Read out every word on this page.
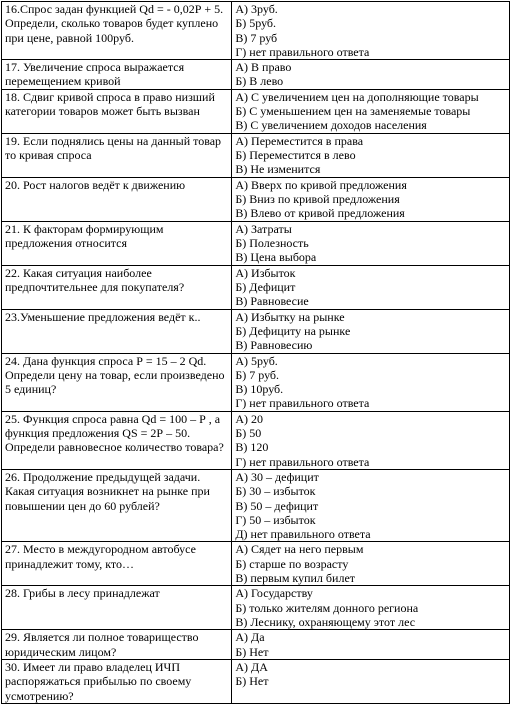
16.Спрос задан функцией Qd = - 0,02Р + 5. Определи, сколько товаров будет куплено при цене, равной 100руб.	А) 3руб.
Б) 5руб.
В) 7 руб
Г) нет правильного ответа

17. Увеличение спроса выражается перемещением кривой	А) В право
Б) В лево

18. Сдвиг кривой спроса в право низший категории товаров может быть вызван	А) С увеличением цен на дополняющие товары
Б) С уменьшением цен на заменяемые товары
В) С увеличением доходов населения

19. Если поднялись цены на данный товар то кривая спроса	А) Переместится в права
Б) Переместится в лево
В) Не изменится

20. Рост налогов ведёт к движению	А) Вверх по кривой предложения
Б) Вниз по кривой предложения
В) Влево от кривой предложения

21. К факторам формирующим предложения относится	А) Затраты
Б) Полезность
В) Цена выбора

22. Какая ситуация наиболее предпочтительнее для покупателя?	А) Избыток
Б) Дефицит
В) Равновесие

23.Уменьшение предложения ведёт к..	А) Избытку на рынке
Б) Дефициту на рынке
В) Равновесию

24. Дана функция спроса Р = 15 – 2 Qd. Определи цену на товар, если произведено 5 единиц?	А) 5руб.
Б) 7 руб.
В) 10руб.
Г) нет правильного ответа

25. Функция спроса равна Qd = 100 – Р , а функция предложения QS = 2Р – 50. Определи равновесное количество товара?	А) 20
Б) 50
В) 120
Г) нет правильного ответа

26. Продолжение предыдущей задачи. Какая ситуация возникнет на рынке при повышении цен до 60 рублей?	А) 30 – дефицит
Б) 30 – избыток
В) 50 – дефицит
Г) 50 – избыток
Д) нет правильного ответа

27. Место в междугородном автобусе принадлежит тому, кто…	А) Сядет на него первым
Б) старше по возрасту
В) первым купил билет

28. Грибы в лесу принадлежат	А) Государству
Б) только жителям донного региона
В) Леснику, охраняющему этот лес

29. Является ли полное товарищество юридическим лицом?	А) Да
Б) Нет

30. Имеет ли право владелец ИЧП распоряжаться прибылью по своему усмотрению?	А) ДА
Б) Нет
